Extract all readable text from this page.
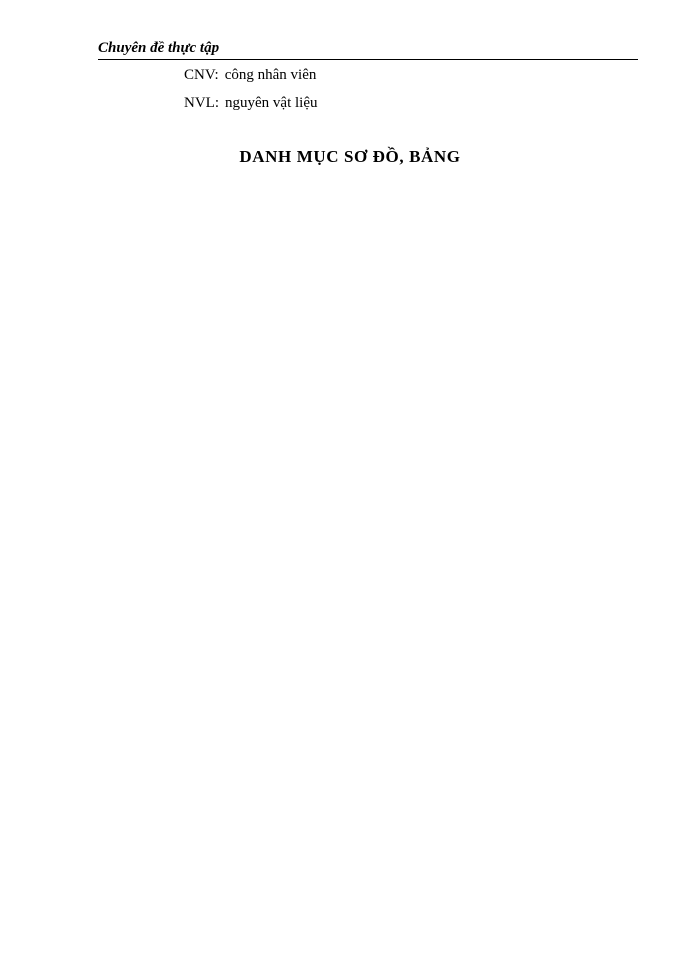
Chuyên đề thực tập
CNV: công nhân viên
NVL: nguyên vật liệu
DANH MỤC SƠ ĐỒ, BẢNG
